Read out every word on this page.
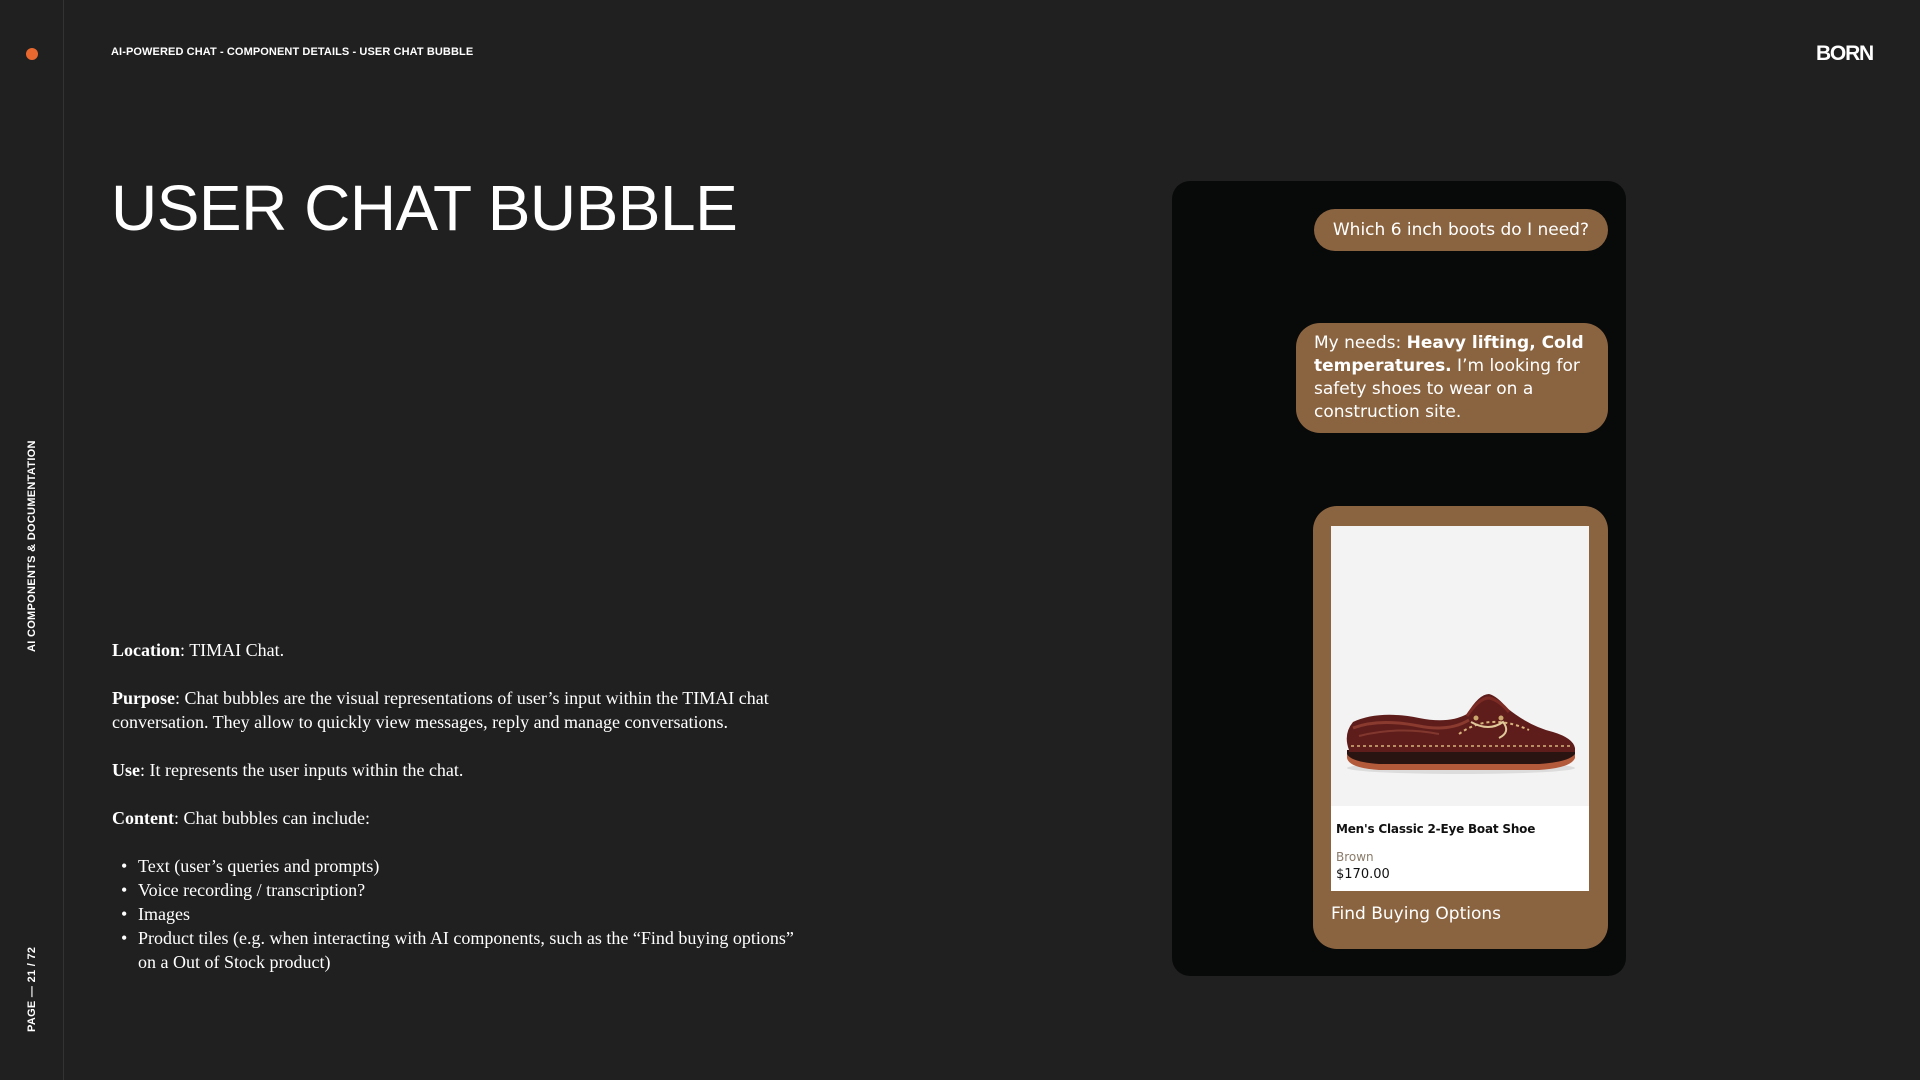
AI COMPONENTS & DOCUMENTATION
PAGE — 21 / 72
AI-POWERED CHAT - COMPONENT DETAILS - USER CHAT BUBBLE	BORN
USER CHAT BUBBLE

Location: TIMAI Chat.

Purpose: Chat bubbles are the visual representations of user’s input within the TIMAI chat conversation. They allow to quickly view messages, reply and manage conversations.

Use: It represents the user inputs within the chat.

Content: Chat bubbles can include:

• Text (user’s queries and prompts)
• Voice recording / transcription?
• Images
• Product tiles (e.g. when interacting with AI components, such as the “Find buying options” on a Out of Stock product)
Which 6 inch boots do I need?
My needs: Heavy lifting, Cold temperatures. I’m looking for safety shoes to wear on a construction site.
Men's Classic 2-Eye Boat Shoe
Brown
$170.00
Find Buying Options
